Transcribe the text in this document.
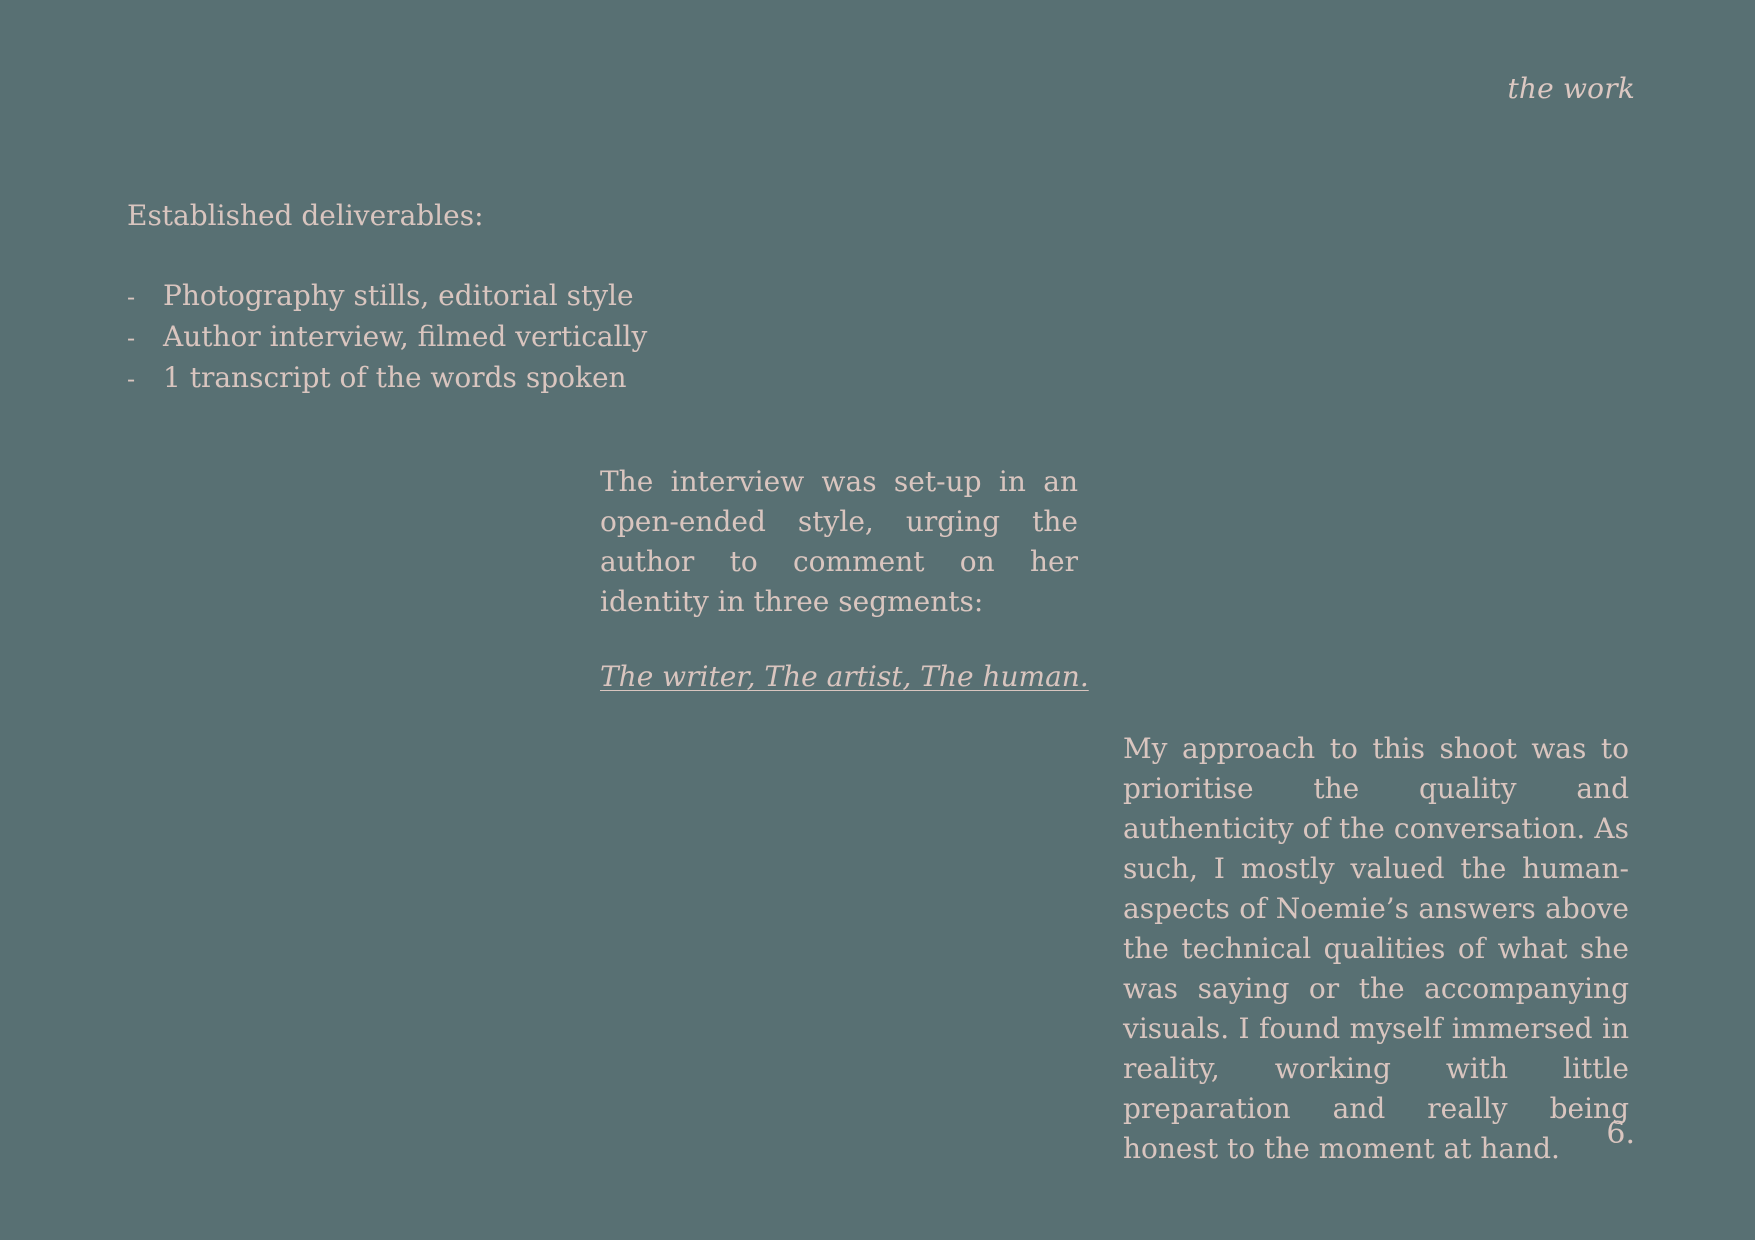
the work
Established deliverables:
- Photography stills, editorial style
- Author interview, filmed vertically
- 1 transcript of the words spoken

The interview was set-up in an open-ended style, urging the author to comment on her identity in three segments:

The writer, The artist, The human.

My approach to this shoot was to prioritise the quality and authenticity of the conversation. As such, I mostly valued the human-aspects of Noemie’s answers above the technical qualities of what she was saying or the accompanying visuals. I found myself immersed in reality, working with little preparation and really being honest to the moment at hand.	6.
